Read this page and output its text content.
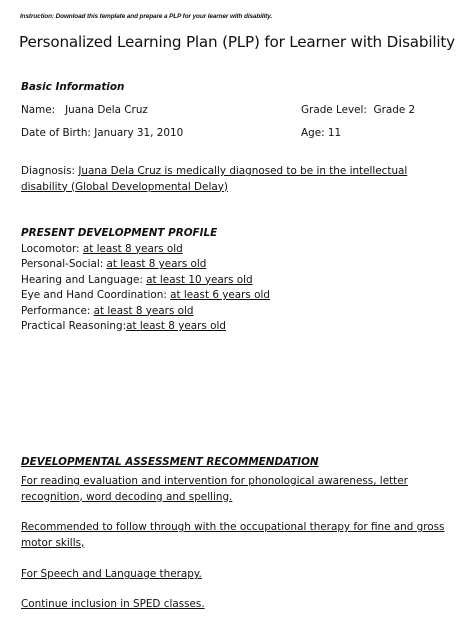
Instruction: Download this template and prepare a PLP for your learner with disability.
Personalized Learning Plan (PLP) for Learner with Disability
Basic Information
Name: Juana Dela Cruz	Grade Level: Grade 2
Date of Birth: January 31, 2010	Age: 11
Diagnosis: Juana Dela Cruz is medically diagnosed to be in the intellectual
disability (Global Developmental Delay)
PRESENT DEVELOPMENT PROFILE
Locomotor: at least 8 years old
Personal-Social: at least 8 years old
Hearing and Language: at least 10 years old
Eye and Hand Coordination: at least 6 years old
Performance: at least 8 years old
Practical Reasoning:at least 8 years old
DEVELOPMENTAL ASSESSMENT RECOMMENDATION
For reading evaluation and intervention for phonological awareness, letter
recognition, word decoding and spelling.
Recommended to follow through with the occupational therapy for fine and gross
motor skills,
For Speech and Language therapy.
Continue inclusion in SPED classes.
